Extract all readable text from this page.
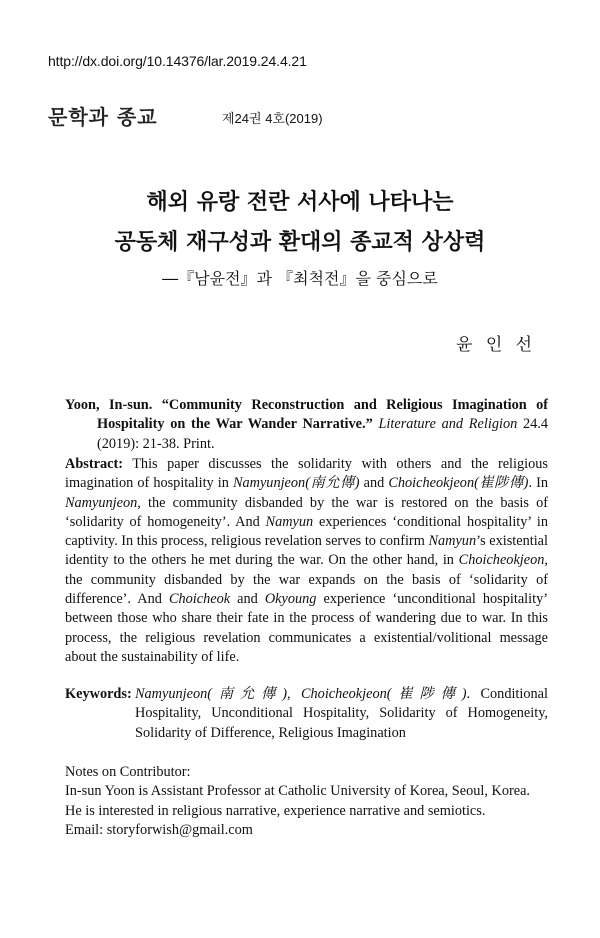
http://dx.doi.org/10.14376/lar.2019.24.4.21
문학과 종교	제24권 4호(2019)
해외 유랑 전란 서사에 나타나는
공동체 재구성과 환대의 종교적 상상력
―『남윤전』과 『최척전』을 중심으로
윤 인 선
Yoon, In-sun. “Community Reconstruction and Religious Imagination of Hospitality on the War Wander Narrative.” Literature and Religion 24.4 (2019): 21-38. Print.
Abstract: This paper discusses the solidarity with others and the religious imagination of hospitality in Namyunjeon(南允傳) and Choicheokjeon(崔陟傳). In Namyunjeon, the community disbanded by the war is restored on the basis of ‘solidarity of homogeneity’. And Namyun experiences ‘conditional hospitality’ in captivity. In this process, religious revelation serves to confirm Namyun’s existential identity to the others he met during the war. On the other hand, in Choicheokjeon, the community disbanded by the war expands on the basis of ‘solidarity of difference’. And Choicheok and Okyoung experience ‘unconditional hospitality’ between those who share their fate in the process of wandering due to war. In this process, the religious revelation communicates a existential/volitional message about the sustainability of life.
Keywords: Namyunjeon(南允傳), Choicheokjeon(崔陟傳). Conditional Hospitality, Unconditional Hospitality, Solidarity of Homogeneity, Solidarity of Difference, Religious Imagination
Notes on Contributor:
In-sun Yoon is Assistant Professor at Catholic University of Korea, Seoul, Korea.
He is interested in religious narrative, experience narrative and semiotics.
Email: storyforwish@gmail.com
